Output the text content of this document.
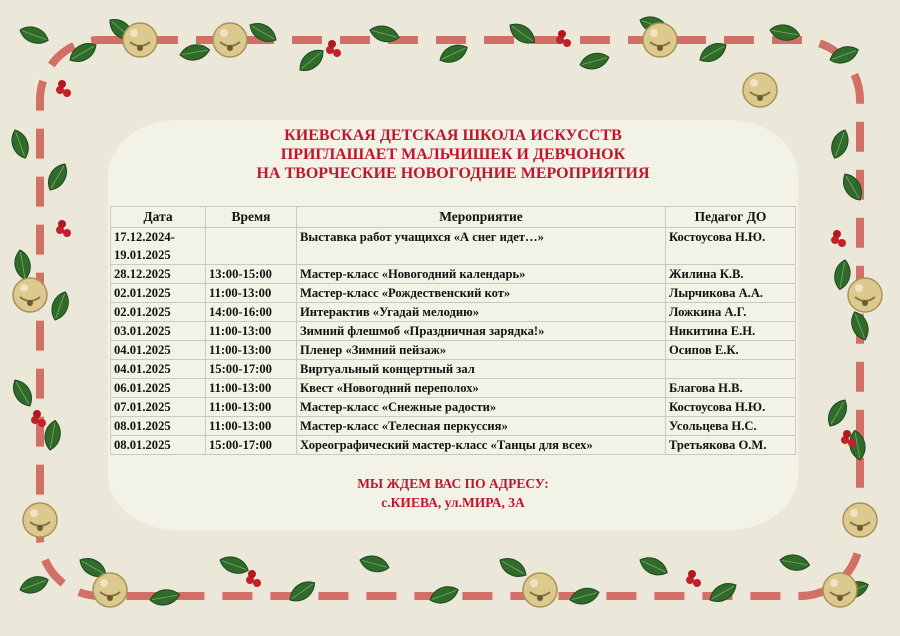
КИЕВСКАЯ ДЕТСКАЯ ШКОЛА ИСКУССТВ
ПРИГЛАШАЕТ МАЛЬЧИШЕК И ДЕВЧОНОК
НА ТВОРЧЕСКИЕ НОВОГОДНИЕ МЕРОПРИЯТИЯ
Дата	Время	Мероприятие	Педагог ДО
17.12.2024-19.01.2025		Выставка работ учащихся «А снег идет…»	Костоусова Н.Ю.
28.12.2025	13:00-15:00	Мастер-класс «Новогодний календарь»	Жилина К.В.
02.01.2025	11:00-13:00	Мастер-класс «Рождественский кот»	Лырчикова А.А.
02.01.2025	14:00-16:00	Интерактив «Угадай мелодию»	Ложкина А.Г.
03.01.2025	11:00-13:00	Зимний флешмоб «Праздничная зарядка!»	Никитина Е.Н.
04.01.2025	11:00-13:00	Пленер «Зимний пейзаж»	Осипов Е.К.
04.01.2025	15:00-17:00	Виртуальный концертный зал	
06.01.2025	11:00-13:00	Квест «Новогодний переполох»	Благова Н.В.
07.01.2025	11:00-13:00	Мастер-класс «Снежные радости»	Костоусова Н.Ю.
08.01.2025	11:00-13:00	Мастер-класс «Телесная перкуссия»	Усольцева Н.С.
08.01.2025	15:00-17:00	Хореографический мастер-класс «Танцы для всех»	Третьякова О.М.
МЫ ЖДЕМ ВАС ПО АДРЕСУ:
с.КИЕВА, ул.МИРА, 3А
